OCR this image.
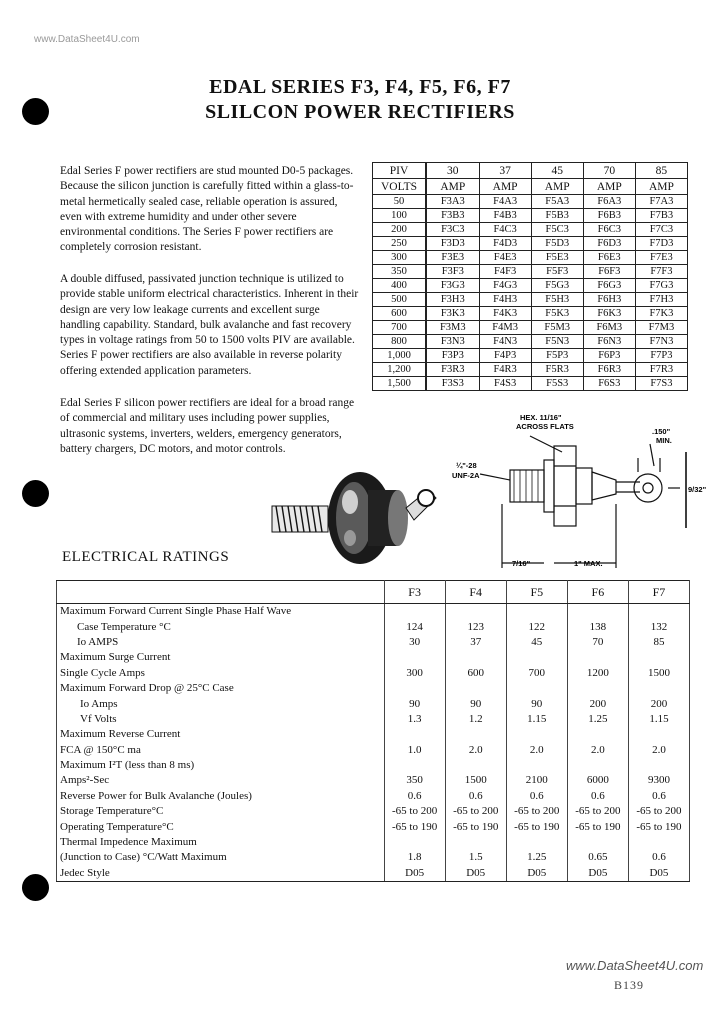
www.DataSheet4U.com
www.DataSheet4U.com
EDAL SERIES F3, F4, F5, F6, F7
SLILCON POWER RECTIFIERS
Edal Series F power rectifiers are stud mounted D0-5 packages. Because the silicon junction is carefully fitted within a glass-to-metal hermetically sealed case, reliable operation is assured, even with extreme humidity and under other severe environmental conditions. The Series F power rectifiers are completely corrosion resistant.
A double diffused, passivated junction technique is utilized to provide stable uniform electrical characteristics. Inherent in their design are very low leakage currents and excellent surge handling capability. Standard, bulk avalanche and fast recovery types in voltage ratings from 50 to 1500 volts PIV are available. Series F power rectifiers are also available in reverse polarity offering extended application parameters.
Edal Series F silicon power rectifiers are ideal for a broad range of commercial and military uses including power supplies, ultrasonic systems, inverters, welders, emergency generators, battery chargers, DC motors, and motor controls.
PIV	30	37	45	70	85
VOLTS	AMP	AMP	AMP	AMP	AMP
50	F3A3	F4A3	F5A3	F6A3	F7A3
100	F3B3	F4B3	F5B3	F6B3	F7B3
200	F3C3	F4C3	F5C3	F6C3	F7C3
250	F3D3	F4D3	F5D3	F6D3	F7D3
300	F3E3	F4E3	F5E3	F6E3	F7E3
350	F3F3	F4F3	F5F3	F6F3	F7F3
400	F3G3	F4G3	F5G3	F6G3	F7G3
500	F3H3	F4H3	F5H3	F6H3	F7H3
600	F3K3	F4K3	F5K3	F6K3	F7K3
700	F3M3	F4M3	F5M3	F6M3	F7M3
800	F3N3	F4N3	F5N3	F6N3	F7N3
1,000	F3P3	F4P3	F5P3	F6P3	F7P3
1,200	F3R3	F4R3	F5R3	F6R3	F7R3
1,500	F3S3	F4S3	F5S3	F6S3	F7S3
HEX. 11/16"
ACROSS FLATS
.150"
MIN.
¼"-28
UNF-2A
9/32"
7/16"	1" MAX.
ELECTRICAL RATINGS
	F3	F4	F5	F6	F7
Maximum Forward Current Single Phase Half Wave					
Case Temperature °C	124	123	122	138	132
Io AMPS	30	37	45	70	85
Maximum Surge Current					
Single Cycle Amps	300	600	700	1200	1500
Maximum Forward Drop @ 25°C Case					
Io Amps	90	90	90	200	200
Vf Volts	1.3	1.2	1.15	1.25	1.15
Maximum Reverse Current					
FCA @ 150°C ma	1.0	2.0	2.0	2.0	2.0
Maximum I²T (less than 8 ms)					
Amps²-Sec	350	1500	2100	6000	9300
Reverse Power for Bulk Avalanche (Joules)	0.6	0.6	0.6	0.6	0.6
Storage Temperature°C	-65 to 200	-65 to 200	-65 to 200	-65 to 200	-65 to 200
Operating Temperature°C	-65 to 190	-65 to 190	-65 to 190	-65 to 190	-65 to 190
Thermal Impedence Maximum					
(Junction to Case) °C/Watt Maximum	1.8	1.5	1.25	0.65	0.6
Jedec Style	D05	D05	D05	D05	D05
B139
